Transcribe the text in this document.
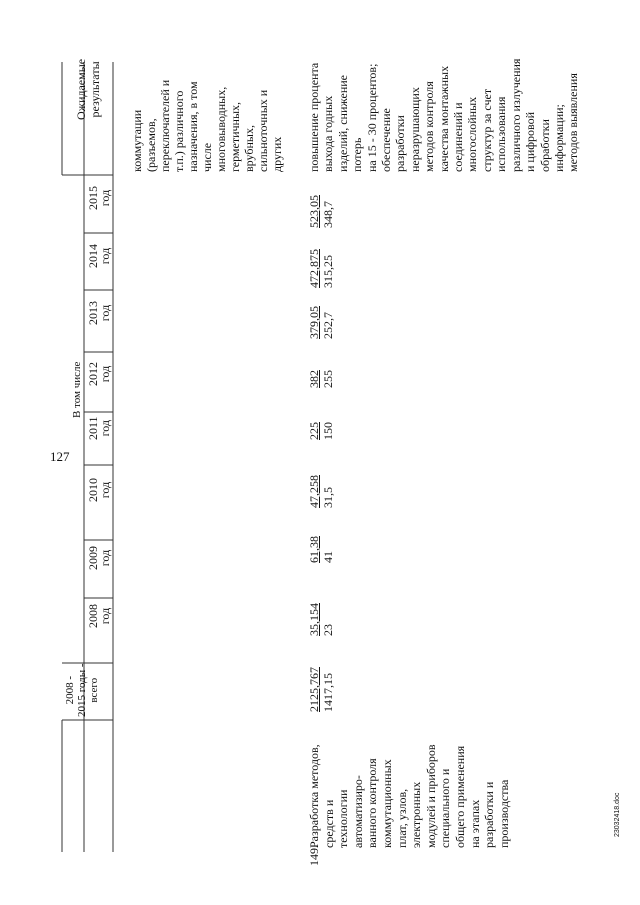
127
23032418.doc
Ожидаемые результаты
2008 - 2015 годы - всего
В том числе
2008
год
2009
год
2010
год
2011
год
2012
год
2013
год
2014
год
2015
год
коммутации (разъемов, переключателей и т.п.) различного назначения, в том числе многовыводных, герметичных, врубных, сильноточных и других
149.
Разработка методов, средств и технологии автоматизиро- ванного контроля коммутационных плат, узлов, электронных модулей и приборов специального и общего применения на этапах разработки и производства
2125,767 1417,15
35,154 23
61,38 41
47,258 31,5
225 150
382 255
379,05 252,7
472,875 315,25
523,05 348,7
повышение процента выхода годных изделий, снижение потерь на 15 - 30 процентов; обеспечение разработки неразрушающих методов контроля качества монтажных соединений и многослойных структур за счет использования различного излучения и цифровой обработки информации; методов выявления
